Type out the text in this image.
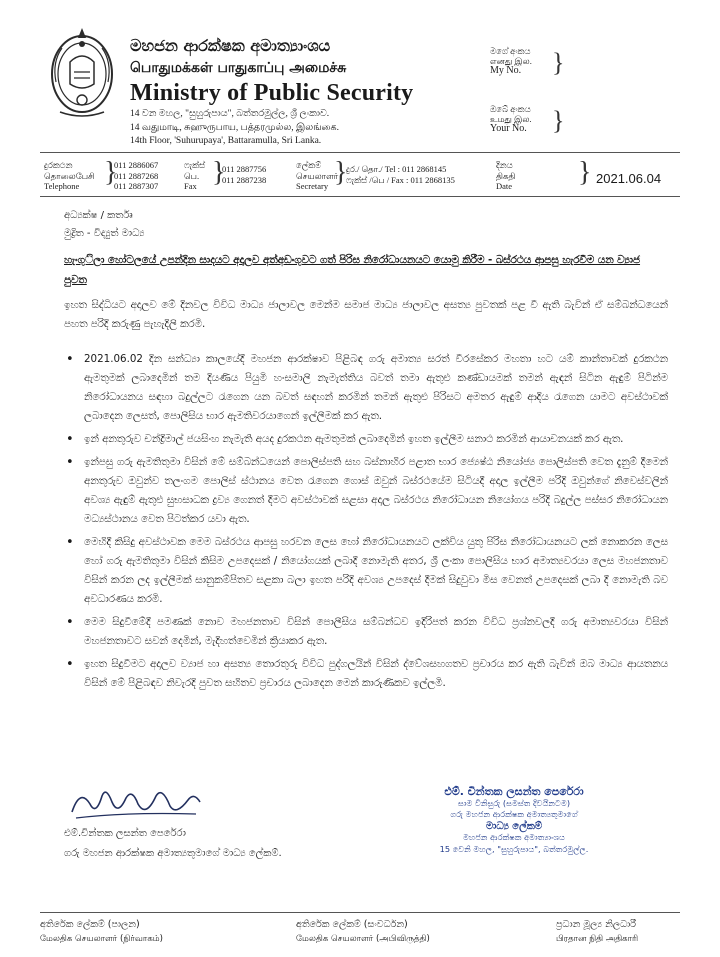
මහජන ආරක්ෂක අමාත්‍යාංශය
பொதுமக்கள் பாதுகாப்பு அமைச்சு
Ministry of Public Security
14 වන මහල, "සුහුරුපාය", බත්තරමුල්ල, ශ්‍රී ලංකාව.
14 வதுமாடி, சுஹுருபாய, பத்தரமுல்ல, இலங்கை.
14th Floor, 'Suhurupaya', Battaramulla, Sri Lanka.
මගේ අංකය
எனது இல.
My No.	}
ඔබේ අංකය
உமது இல.
Your No. }
දුරකථන
தொலைபேசி
Telephone }
011 2886067
011 2887268
011 2887307
ෆැක්ස්
பெ.
Fax }
011 2887756
011 2887238
ලේකම්
செயலாளர்
Secretary }
දුර./ தொ./ Tel : 011 2868145
ෆැක්ස් /பெ / Fax : 011 2868135
දිනය
திகதி
Date } 2021.06.04
අධ්‍යක්ෂ / කර්තෘ
මුද්‍රිත - විද්‍යුත් මාධ්‍ය
හැංගුිලා හෝටලයේ උපන්දින සාදයට අදාලව අත්අඩංගුවට ගත් පිරිස නිරෝධායනයට යොමු කිරීම - බස්රථය ආපසු හැරවීම යන ව්‍යාජ පුවත
ඉහත සිද්ධියට අදාලව මේ දිනවල විවිධ මාධ්‍ය ජාලාවල මෙන්ම සමාජ මාධ්‍ය ජාලාවල අසත්‍ය පුවතක් පළ වී ඇති බැවින් ඒ සම්බන්ධයෙන් පහත පරිදි කරුණු පැහැදිලි කරමි.
• 2021.06.02 දින සන්ධ්‍යා කාලයේදී මහජන ආරක්ෂාව පිළිබඳ ගරු අමාත්‍ය සරත් වීරසේකර මහතා හට යම් කාන්තාවක් දුරකථන ඇමතුමක් ලබාදෙමින් තම දියණිය පියුමි හංසමාලි නැමැත්තිය බවත් තමා ඇතුළු කණ්ඩායමක් තමන් ඇඳන් සිටින ඇඳුම් පිටින්ම නිරෝධායනය සඳහා බදුල්ලට රැගෙන යන බවත් සඳහන් කරමින් තමන් ඇතුළු පිරිසට අමතර ඇඳුම් ආදිය රැගෙන යාමට අවස්ථාවක් ලබාදෙන ලෙසත්, පොලිසිය භාර ඇමතිවරයාගෙන් ඉල්ලීමක් කර ඇත.
• ඉන් අනතුරුව චන්ද්‍රිමාල් ජයසිංහ නැමැති අයද දුරකථන ඇමතුමක් ලබාදෙමින් ඉහත ඉල්ලීම සනාථ කරමින් ආයාචනයක් කර ඇත.
• ඉන්පසු ගරු ඇමතිතුමා විසින් මේ සම්බන්ධයෙන් පොලිස්පති සහ බස්නාහිර පළාත භාර ජ්‍යෙෂ්ඨ නියෝජ්‍ය පොලිස්පති වෙත දැනුම් දීමෙන් අනතුරුව ඔවුන්ව තලංගම පොලිස් ස්ථානය වෙත රැගෙන ගොස් ඔවුන් බස්රථයේම සිටියදී අදාල ඉල්ලීම පරිදි ඔවුන්ගේ නිවෙස්වලින් අවශ්‍ය ඇඳුම් ඇතුළු සුභසාධක ද්‍රව්‍ය ගෙනත් දීමට අවස්ථාවක් සළසා අදාල බස්රථය නිරෝධායන නියෝගය පරිදි බදුල්ල පස්සර නිරෝධායන මධ්‍යස්ථානය වෙත පිටත්කර යවා ඇත.
• මෙහිදී කිසිදු අවස්ථාවක මෙම බස්රථය ආපසු හරවන ලෙස හෝ නිරෝධායනයට ලක්විය යුතු පිරිස නිරෝධායනයට ලක් නොකරන ලෙස හෝ ගරු ඇමතිතුමා විසින් කිසිම උපදෙසක් / නියෝගයක් ලබාදී නොමැති අතර, ශ්‍රී ලංකා පොලිසිය භාර අමාත්‍යවරයා ලෙස මහජනතාව විසින් කරන ලද ඉල්ලීමක් සානුකම්පිතව සළකා බලා ඉහත පරිදි අවශ්‍ය උපදෙස් දීමක් සිදුවුවා මිස වෙනත් උපදෙසක් ලබා දී නොමැති බව අවධාරණය කරමි.
• මෙම සිදුවීමේදී පමණක් නොව මහජනතාව විසින් පොලීසිය සම්බන්ධව ඉදිරිපත් කරන විවිධ ප්‍රශ්නවලදී ගරු අමාත්‍යවරයා විසින් මහජනතාවට සවන් දෙමින්, මැදිහත්වෙමින් ක්‍රියාකර ඇත.
• ඉහත සිදුවීමට අදාලව ව්‍යාජ හා අසත්‍ය තොරතුරු විවිධ පුද්ගලයින් විසින් ද්වේශසහගතව ප්‍රචාරය කර ඇති බැවින් ඔබ මාධ්‍ය ආයතනය විසින් මේ පිළිබඳව නිවැරදි පුවත සහිතව ප්‍රචාරය ලබාදෙන මෙන් කාරුණිකව ඉල්ලමි.
එම්.චින්තක ලසන්ත පෙරේරා
ගරු මහජන ආරක්ෂක අමාත්‍යතුමාගේ මාධ්‍ය ලේකම්.
එම්. චින්තක ලසන්ත පෙරේරා
සාම විනිසුරු (සමස්ත දිවයිනටම)
ගරු මහජන ආරක්ෂක අමාත්‍යතුමාගේ
මාධ්‍ය ලේකම්
මහජන ආරක්ෂක අමාත්‍යාංශය
15 වෙනි මහල, "සුහුරුපාය", බත්තරමුල්ල.
අතිරේක ලේකම් (පාලන)
மேலதிக செயலாளர் (நிர்வாகம்)
අතිරේක ලේකම් (සංවර්ධන)
மேலதிக செயலாளர் (அபிவிருத்தி)
ප්‍රධාන මූල්‍ය නිලධාරී
பிரதான நிதி அதிகாரி
